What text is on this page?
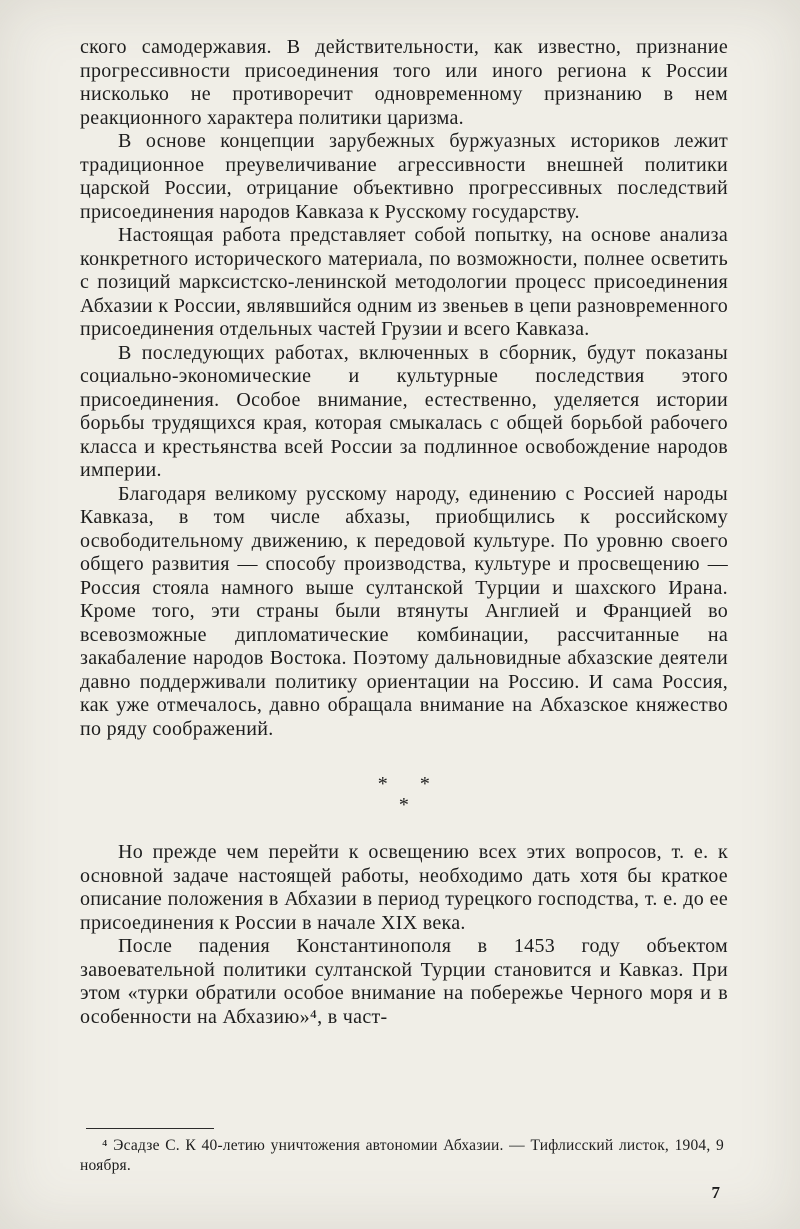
ского самодержавия. В действительности, как известно, признание прогрессивности присоединения того или иного региона к России нисколько не противоречит одновременному признанию в нем реакционного характера политики царизма.

В основе концепции зарубежных буржуазных историков лежит традиционное преувеличивание агрессивности внешней политики царской России, отрицание объективно прогрессивных последствий присоединения народов Кавказа к Русскому государству.

Настоящая работа представляет собой попытку, на основе анализа конкретного исторического материала, по возможности, полнее осветить с позиций марксистско-ленинской методологии процесс присоединения Абхазии к России, являвшийся одним из звеньев в цепи разновременного присоединения отдельных частей Грузии и всего Кавказа.

В последующих работах, включенных в сборник, будут показаны социально-экономические и культурные последствия этого присоединения. Особое внимание, естественно, уделяется истории борьбы трудящихся края, которая смыкалась с общей борьбой рабочего класса и крестьянства всей России за подлинное освобождение народов империи.

Благодаря великому русскому народу, единению с Россией народы Кавказа, в том числе абхазы, приобщились к российскому освободительному движению, к передовой культуре. По уровню своего общего развития — способу производства, культуре и просвещению — Россия стояла намного выше султанской Турции и шахского Ирана. Кроме того, эти страны были втянуты Англией и Францией во всевозможные дипломатические комбинации, рассчитанные на закабаление народов Востока. Поэтому дальновидные абхазские деятели давно поддерживали политику ориентации на Россию. И сама Россия, как уже отмечалось, давно обращала внимание на Абхазское княжество по ряду соображений.

*      *
*

Но прежде чем перейти к освещению всех этих вопросов, т. е. к основной задаче настоящей работы, необходимо дать хотя бы краткое описание положения в Абхазии в период турецкого господства, т. е. до ее присоединения к России в начале XIX века.

После падения Константинополя в 1453 году объектом завоевательной политики султанской Турции становится и Кавказ. При этом «турки обратили особое внимание на побережье Черного моря и в особенности на Абхазию»⁴, в част-

⁴ Эсадзе С. К 40-летию уничтожения автономии Абхазии. — Тифлисский листок, 1904, 9 ноября.

7
